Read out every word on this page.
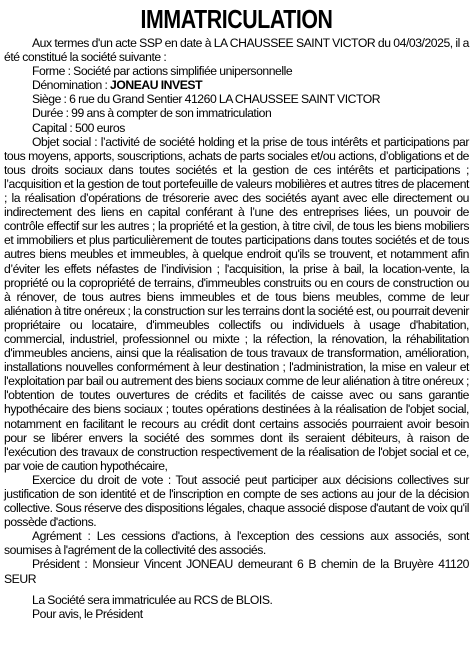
IMMATRICULATION

Aux termes d'un acte SSP en date à LA CHAUSSEE SAINT VICTOR du 04/03/2025, il a été constitué la société suivante :

Forme : Société par actions simplifiée unipersonnelle

Dénomination : JONEAU INVEST

Siège : 6 rue du Grand Sentier 41260 LA CHAUSSEE SAINT VICTOR

Durée : 99 ans à compter de son immatriculation

Capital : 500 euros

Objet social : l’activité de société holding et la prise de tous intérêts et participations par tous moyens, apports, souscriptions, achats de parts sociales et/ou actions, d’obligations et de tous droits sociaux dans toutes sociétés et la gestion de ces intérêts et participations ; l’acquisition et la gestion de tout portefeuille de valeurs mobilières et autres titres de placement ; la réalisation d’opérations de trésorerie avec des sociétés ayant avec elle directement ou indirectement des liens en capital conférant à l’une des entreprises liées, un pouvoir de contrôle effectif sur les autres ; la propriété et la gestion, à titre civil, de tous les biens mobiliers et immobiliers et plus particulièrement de toutes participations dans toutes sociétés et de tous autres biens meubles et immeubles, à quelque endroit qu'ils se trouvent, et notamment afin d’éviter les effets néfastes de l’indivision ; l'acquisition, la prise à bail, la location-vente, la propriété ou la copropriété de terrains, d'immeubles construits ou en cours de construction ou à rénover, de tous autres biens immeubles et de tous biens meubles, comme de leur aliénation à titre onéreux ; la construction sur les terrains dont la société est, ou pourrait devenir propriétaire ou locataire, d'immeubles collectifs ou individuels à usage d'habitation, commercial, industriel, professionnel ou mixte ; la réfection, la rénovation, la réhabilitation d'immeubles anciens, ainsi que la réalisation de tous travaux de transformation, amélioration, installations nouvelles conformément à leur destination ; l'administration, la mise en valeur et l'exploitation par bail ou autrement des biens sociaux comme de leur aliénation à titre onéreux ; l'obtention de toutes ouvertures de crédits et facilités de caisse avec ou sans garantie hypothécaire des biens sociaux ; toutes opérations destinées à la réalisation de l'objet social, notamment en facilitant le recours au crédit dont certains associés pourraient avoir besoin pour se libérer envers la société des sommes dont ils seraient débiteurs, à raison de l'exécution des travaux de construction respectivement de la réalisation de l'objet social et ce, par voie de caution hypothécaire,

Exercice du droit de vote : Tout associé peut participer aux décisions collectives sur justification de son identité et de l'inscription en compte de ses actions au jour de la décision collective. Sous réserve des dispositions légales, chaque associé dispose d'autant de voix qu'il possède d'actions.

Agrément : Les cessions d'actions, à l'exception des cessions aux associés, sont soumises à l'agrément de la collectivité des associés.

Président : Monsieur Vincent JONEAU demeurant 6 B chemin de la Bruyère 41120 SEUR

La Société sera immatriculée au RCS de BLOIS.

Pour avis, le Président
